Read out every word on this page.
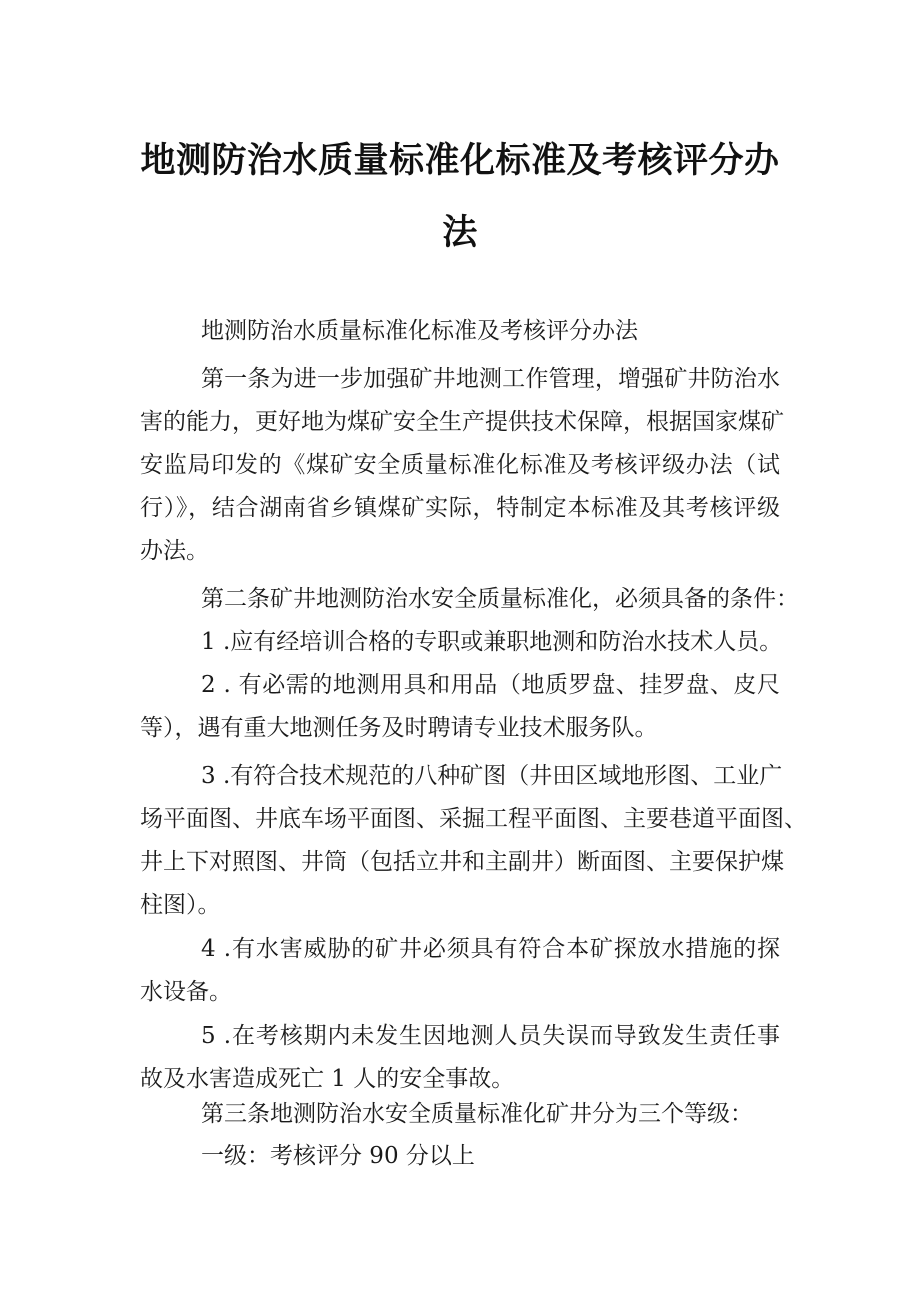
地测防治水质量标准化标准及考核评分办
法
地测防治水质量标准化标准及考核评分办法
第一条为进一步加强矿井地测工作管理，增强矿井防治水
害的能力，更好地为煤矿安全生产提供技术保障，根据国家煤矿
安监局印发的《煤矿安全质量标准化标准及考核评级办法（试
行）》，结合湖南省乡镇煤矿实际，特制定本标准及其考核评级
办法。
第二条矿井地测防治水安全质量标准化，必须具备的条件：
1 .应有经培训合格的专职或兼职地测和防治水技术人员。
2 . 有必需的地测用具和用品（地质罗盘、挂罗盘、皮尺
等），遇有重大地测任务及时聘请专业技术服务队。
3 .有符合技术规范的八种矿图（井田区域地形图、工业广
场平面图、井底车场平面图、采掘工程平面图、主要巷道平面图、
井上下对照图、井筒（包括立井和主副井）断面图、主要保护煤
柱图）。
4 .有水害威胁的矿井必须具有符合本矿探放水措施的探
水设备。
5 .在考核期内未发生因地测人员失误而导致发生责任事
故及水害造成死亡 1 人的安全事故。
第三条地测防治水安全质量标准化矿井分为三个等级：
一级：考核评分 90 分以上
